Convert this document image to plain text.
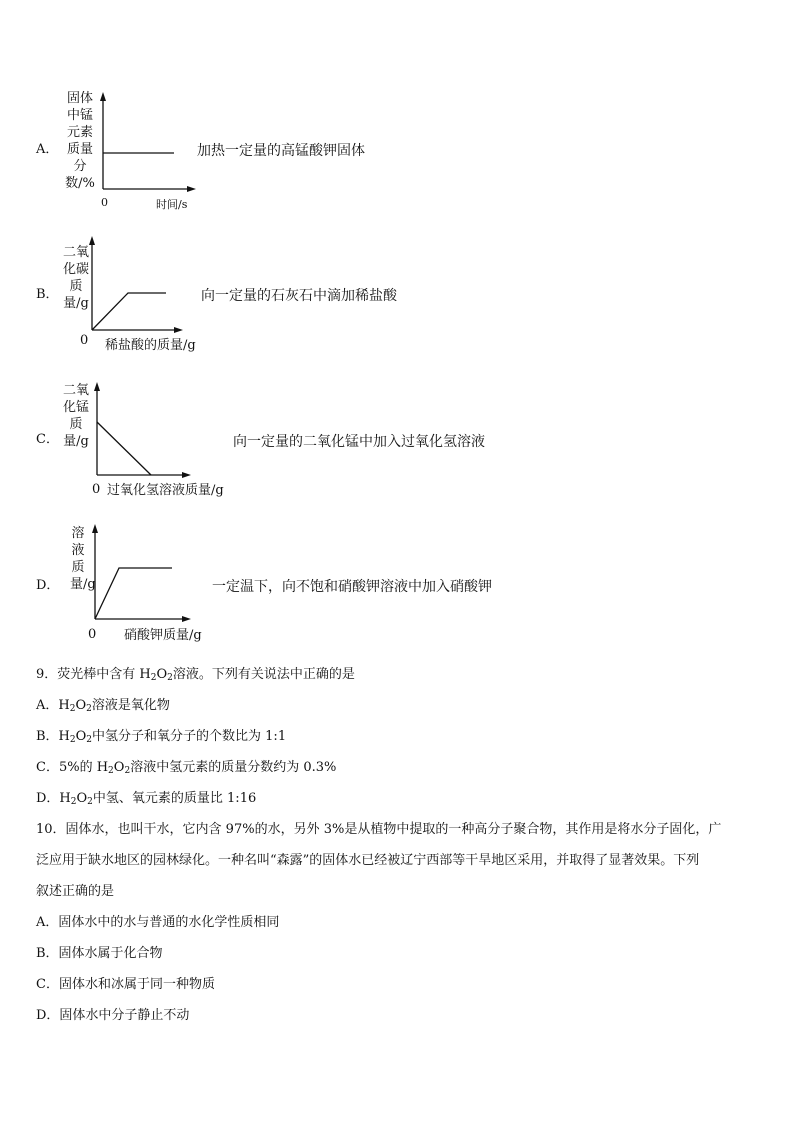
A．
固体中锰元素质量分数/%
0	时间/s
加热一定量的高锰酸钾固体
B．
二氧化碳质量/g
0 稀盐酸的质量/g
向一定量的石灰石中滴加稀盐酸
C．
二氧化锰质量/g
0 过氧化氢溶液质量/g
向一定量的二氧化锰中加入过氧化氢溶液
D．
溶液质量/g
0 硝酸钾质量/g
一定温下，向不饱和硝酸钾溶液中加入硝酸钾
9．荧光棒中含有 $H_2O_2$溶液。下列有关说法中正确的是
A．$H_2O_2$溶液是氧化物
B．$H_2O_2$中氢分子和氧分子的个数比为 1:1
C．5%的 $H_2O_2$溶液中氢元素的质量分数约为 0.3%
D．$H_2O_2$中氢、氧元素的质量比 1:16
10．固体水，也叫干水，它内含 97%的水，另外 3%是从植物中提取的一种高分子聚合物，其作用是将水分子固化，广
泛应用于缺水地区的园林绿化。一种名叫“森露”的固体水已经被辽宁西部等干旱地区采用，并取得了显著效果。下列
叙述正确的是
A．固体水中的水与普通的水化学性质相同
B．固体水属于化合物
C．固体水和冰属于同一种物质
D．固体水中分子静止不动
